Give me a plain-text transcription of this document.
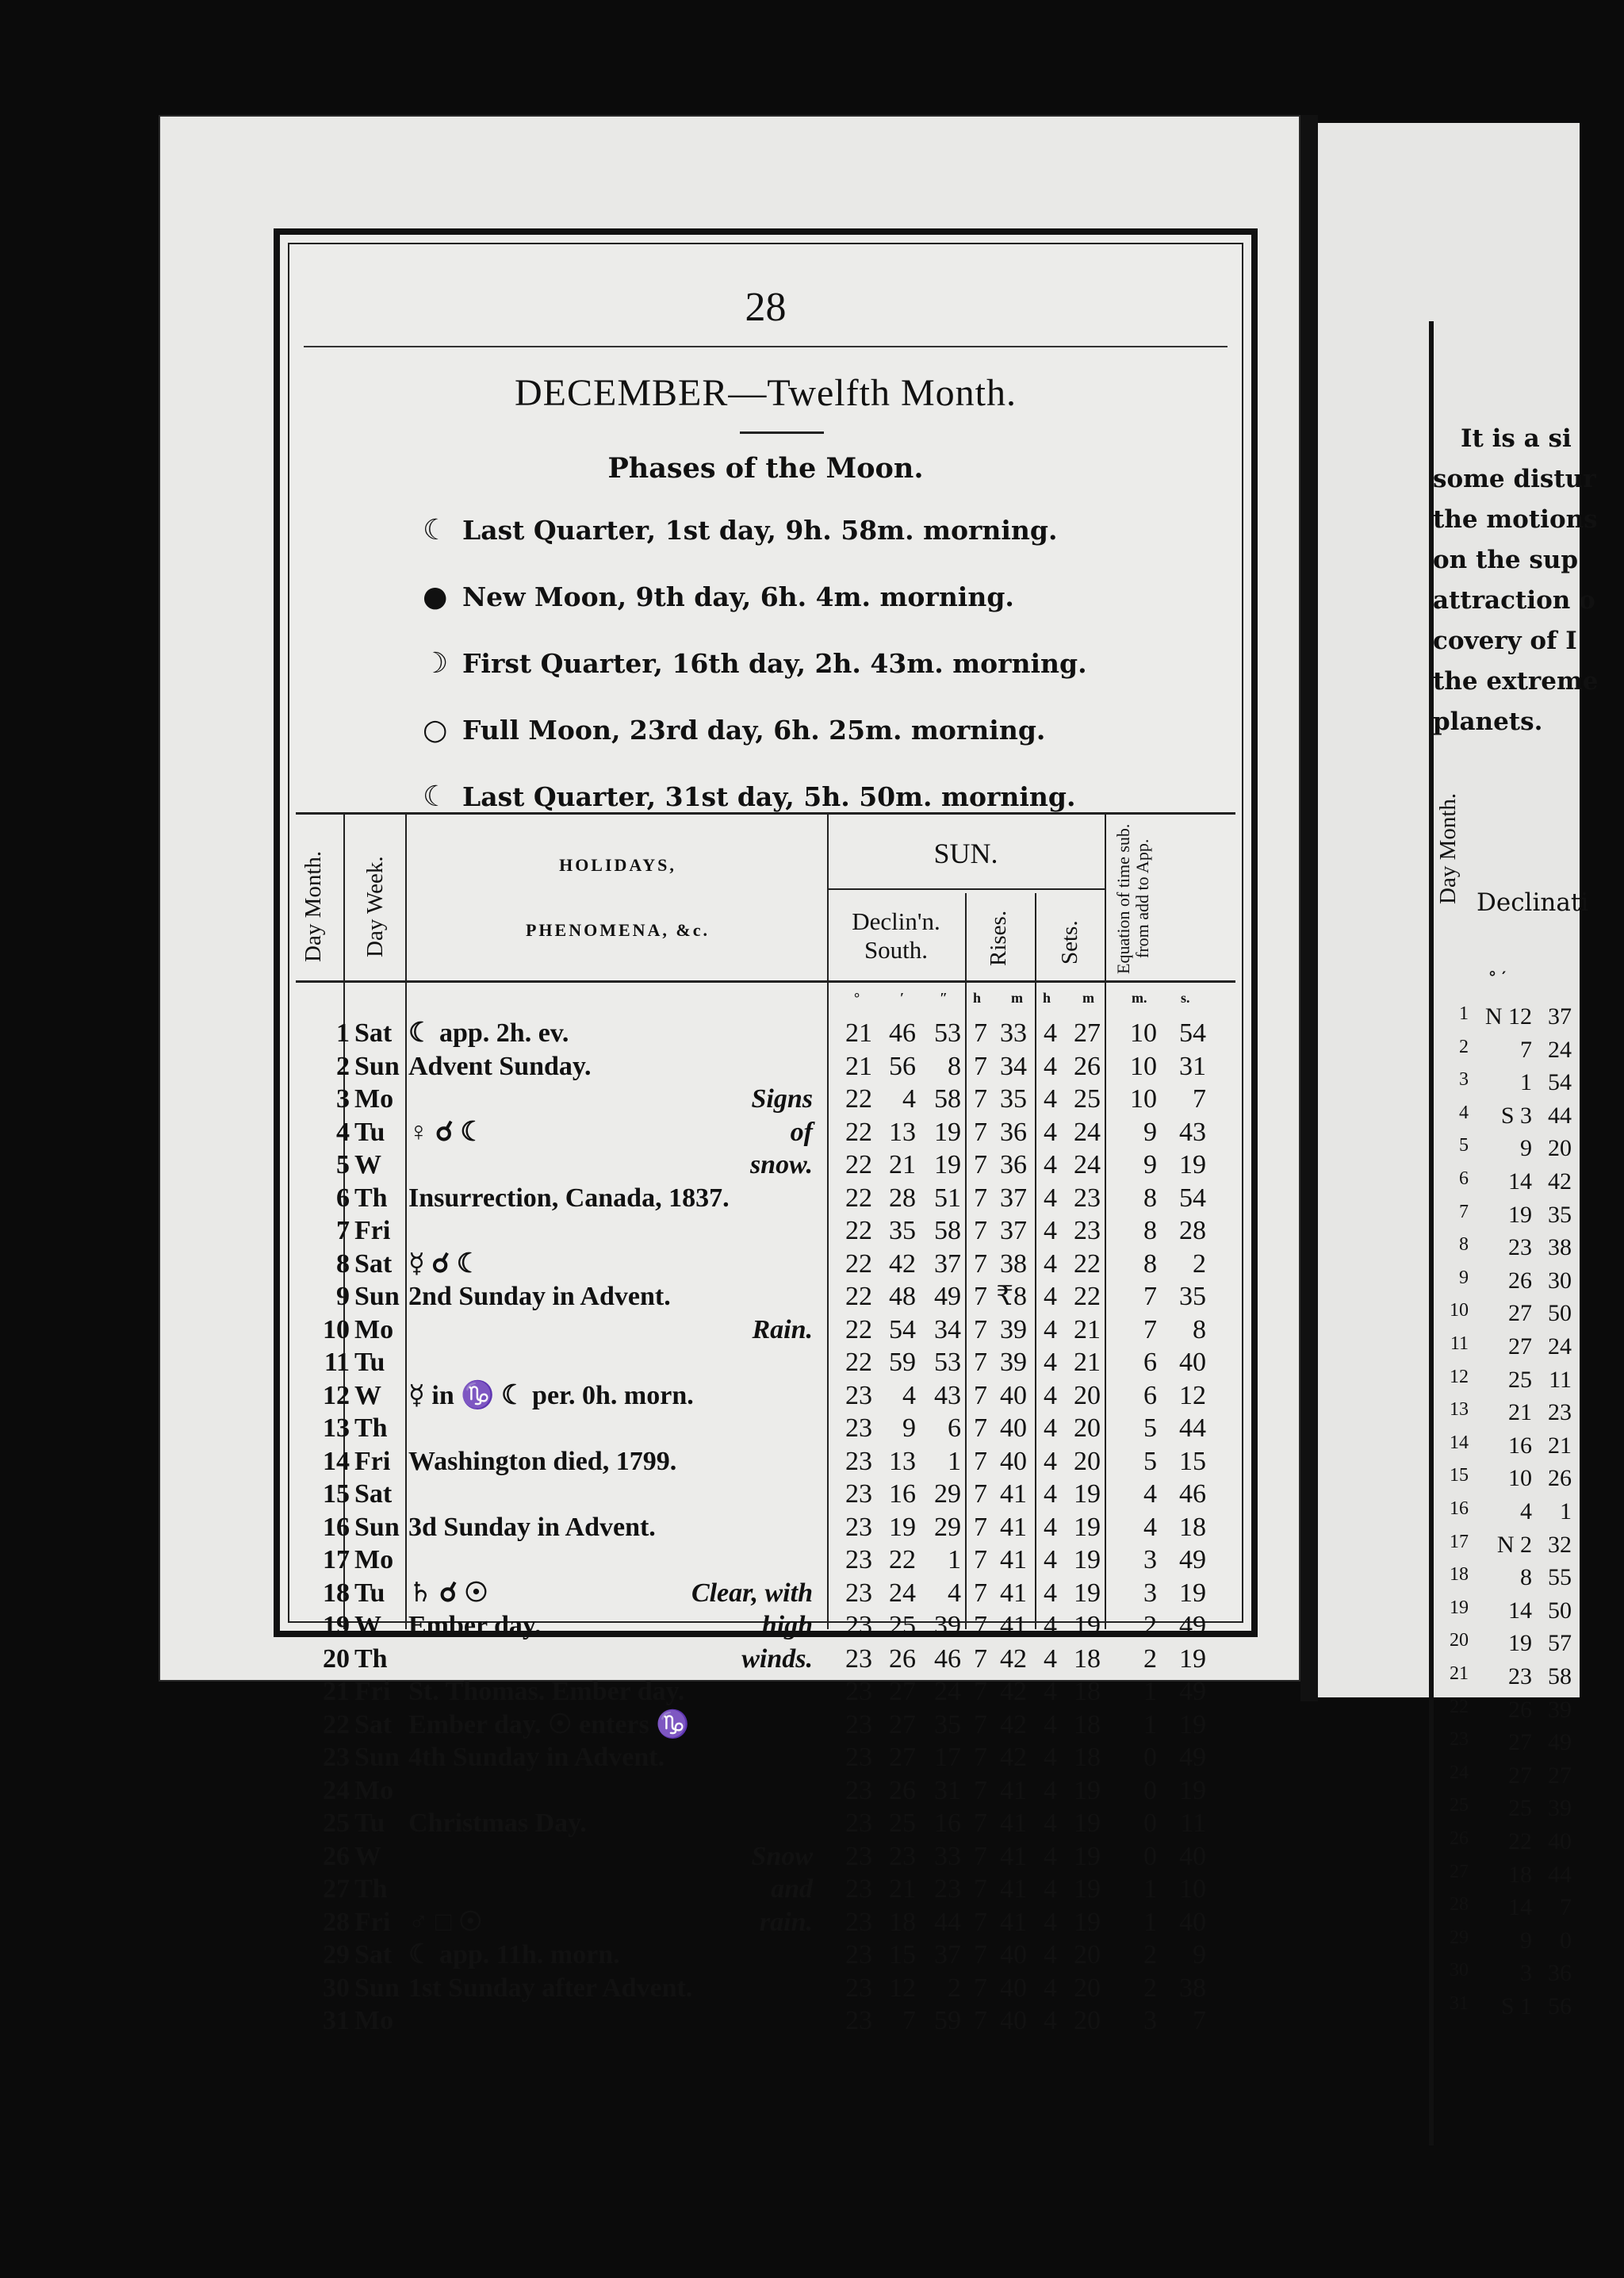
It is a si
some distur
the motions
on the sup
attraction o
covery of I
the extreme
planets.
Day Month. Declinati
° ′
1 N 12 37
2	7 24
3	1 54
4	S 3 44
5	9 20
6	14 42
7	19 35
8	23 38
9	26 30
10	27 50
11	27 24
12	25 11
13	21 23
14	16 21
15	10 26
16	4	1
17	N 2 32
18	8 55
19	14 50
20	19 57
21	23 58
22	26 39
23	27 49
24	27 27
25	25 39
26	22 40
27	18 44
28	14	7
29	9	0
30	3 36
31	S 1 56
28
DECEMBER—Twelfth Month.
Phases of the Moon.
☾ Last Quarter, 1st day, 9h. 58m. morning.
● New Moon, 9th day, 6h. 4m. morning.
☽ First Quarter, 16th day, 2h. 43m. morning.
○ Full Moon, 23rd day, 6h. 25m. morning.
☾ Last Quarter, 31st day, 5h. 50m. morning.
Day Month. Day Week.	HOLIDAYS,
PHENOMENA, &c.
SUN.
Declin'n.
South.	Rises. Sets. Equation of time sub. from add to App.
°	′ ″ h m h m	m. s.
1 Sat ☾ app. 2h. ev.	21 46 53 7 33 4 27	10 54
2 Sun Advent Sunday.	21 56	8 7 34 4 26	10 31
3 Mo	Signs	22	4 58 7 35 4 25	10	7
4 Tu ♀ ☌ ☾	of	22 13 19 7 36 4 24	9 43
5 W	snow.	22 21 19 7 36 4 24	9 19
6 Th Insurrection, Canada, 1837.	22 28 51 7 37 4 23	8 54
7 Fri	22 35 58 7 37 4 23	8 28
8 Sat ☿ ☌ ☾	22 42 37 7 38 4 22	8	2
9 Sun 2nd Sunday in Advent.	22 48 49 7 ₹8 4 22	7 35
10 Mo	Rain.	22 54 34 7 39 4 21	7	8
11 Tu	22 59 53 7 39 4 21	6 40
12 W	☿ in ♑ ☾ per. 0h. morn.	23	4 43 7 40 4 20	6 12
13 Th	23	9	6 7 40 4 20	5 44
14 Fri Washington died, 1799.	23 13	1 7 40 4 20	5 15
15 Sat	23 16 29 7 41 4 19	4 46
16 Sun 3d Sunday in Advent.	23 19 29 7 41 4 19	4 18
17 Mo	23 22	1 7 41 4 19	3 49
18 Tu ♄ ☌ ☉	Clear, with	23 24	4 7 41 4 19	3 19
19 W	Ember day.	high	23 25 39 7 41 4 19	2 49
20 Th	winds.	23 26 46 7 42 4 18	2 19
21 Fri St. Thomas. Ember day.	23 27 24 7 42 4 18	1 49
22 Sat Ember day. ☉ enters ♑	23 27 35 7 42 4 18	1 19
23 Sun 4th Sunday in Advent.	23 27 17 7 42 4 18	0 49
24 Mo	23 26 31 7 41 4 19	0 19
25 Tu Christmas Day.	23 25 16 7 41 4 19	0 11
26 W	Snow	23 23 33 7 41 4 19	0 40
27 Th	and	23 21 23 7 41 4 19	1 10
28 Fri ♂ □ ☉	rain.	23 18 44 7 41 4 19	1 40
29 Sat ☾ app. 11h. morn.	23 15 37 7 40 4 20	2	9
30 Sun 1st Sunday after Advent.	23 12	2 7 40 4 20	2 38
31 Mo	23	7 59 7 40 4 20	3	7
